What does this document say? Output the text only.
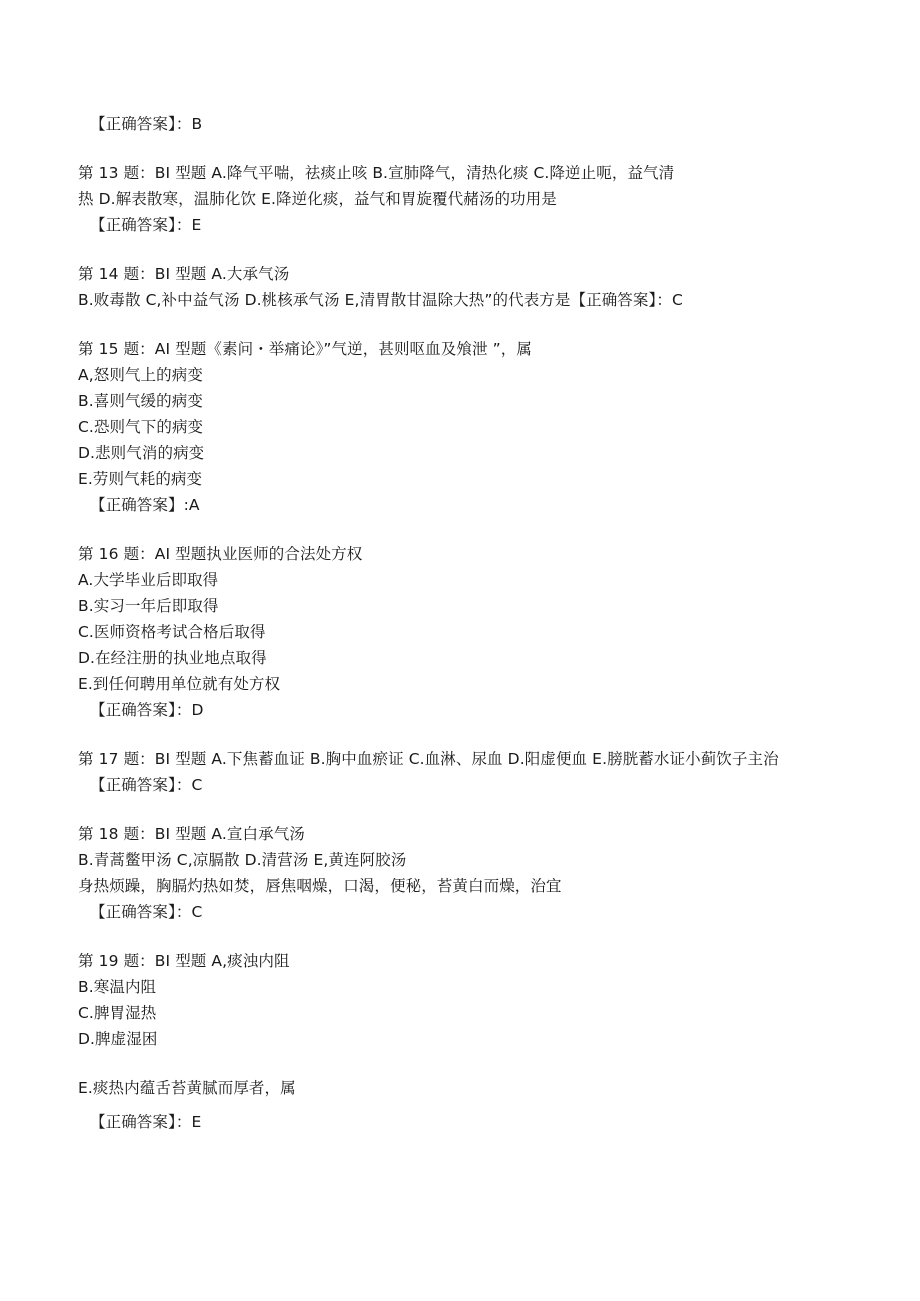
【正确答案】：B
第 13 题：BI 型题 A.降气平喘，祛痰止咳 B.宣肺降气，清热化痰 C.降逆止呃，益气清
热 D.解表散寒，温肺化饮 E.降逆化痰，益气和胃旋覆代赭汤的功用是
【正确答案】：E
第 14 题：BI 型题 A.大承气汤
B.败毒散 C,补中益气汤 D.桃核承气汤 E,清胃散甘温除大热”的代表方是【正确答案】：C
第 15 题：AI 型题《素问・举痛论》”气逆，甚则呕血及飧泄 ”，属
A,怒则气上的病变
B.喜则气缓的病变
C.恐则气下的病变
D.悲则气消的病变
E.劳则气耗的病变
【正确答案】:A
第 16 题：AI 型题执业医师的合法处方权
A.大学毕业后即取得
B.实习一年后即取得
C.医师资格考试合格后取得
D.在经注册的执业地点取得
E.到任何聘用单位就有处方权
【正确答案】：D
第 17 题：BI 型题 A.下焦蓄血证 B.胸中血瘀证 C.血淋、尿血 D.阳虚便血 E.膀胱蓄水证小蓟饮子主治
【正确答案】：C
第 18 题：BI 型题 A.宣白承气汤
B.青蒿鳖甲汤 C,凉膈散 D.清营汤 E,黄连阿胶汤
身热烦躁，胸膈灼热如焚，唇焦咽燥，口渴，便秘，苔黄白而燥，治宜
【正确答案】：C
第 19 题：BI 型题 A,痰浊内阻
B.寒温内阻
C.脾胃湿热
D.脾虚湿困
E.痰热内蕴舌苔黄腻而厚者，属
【正确答案】：E
